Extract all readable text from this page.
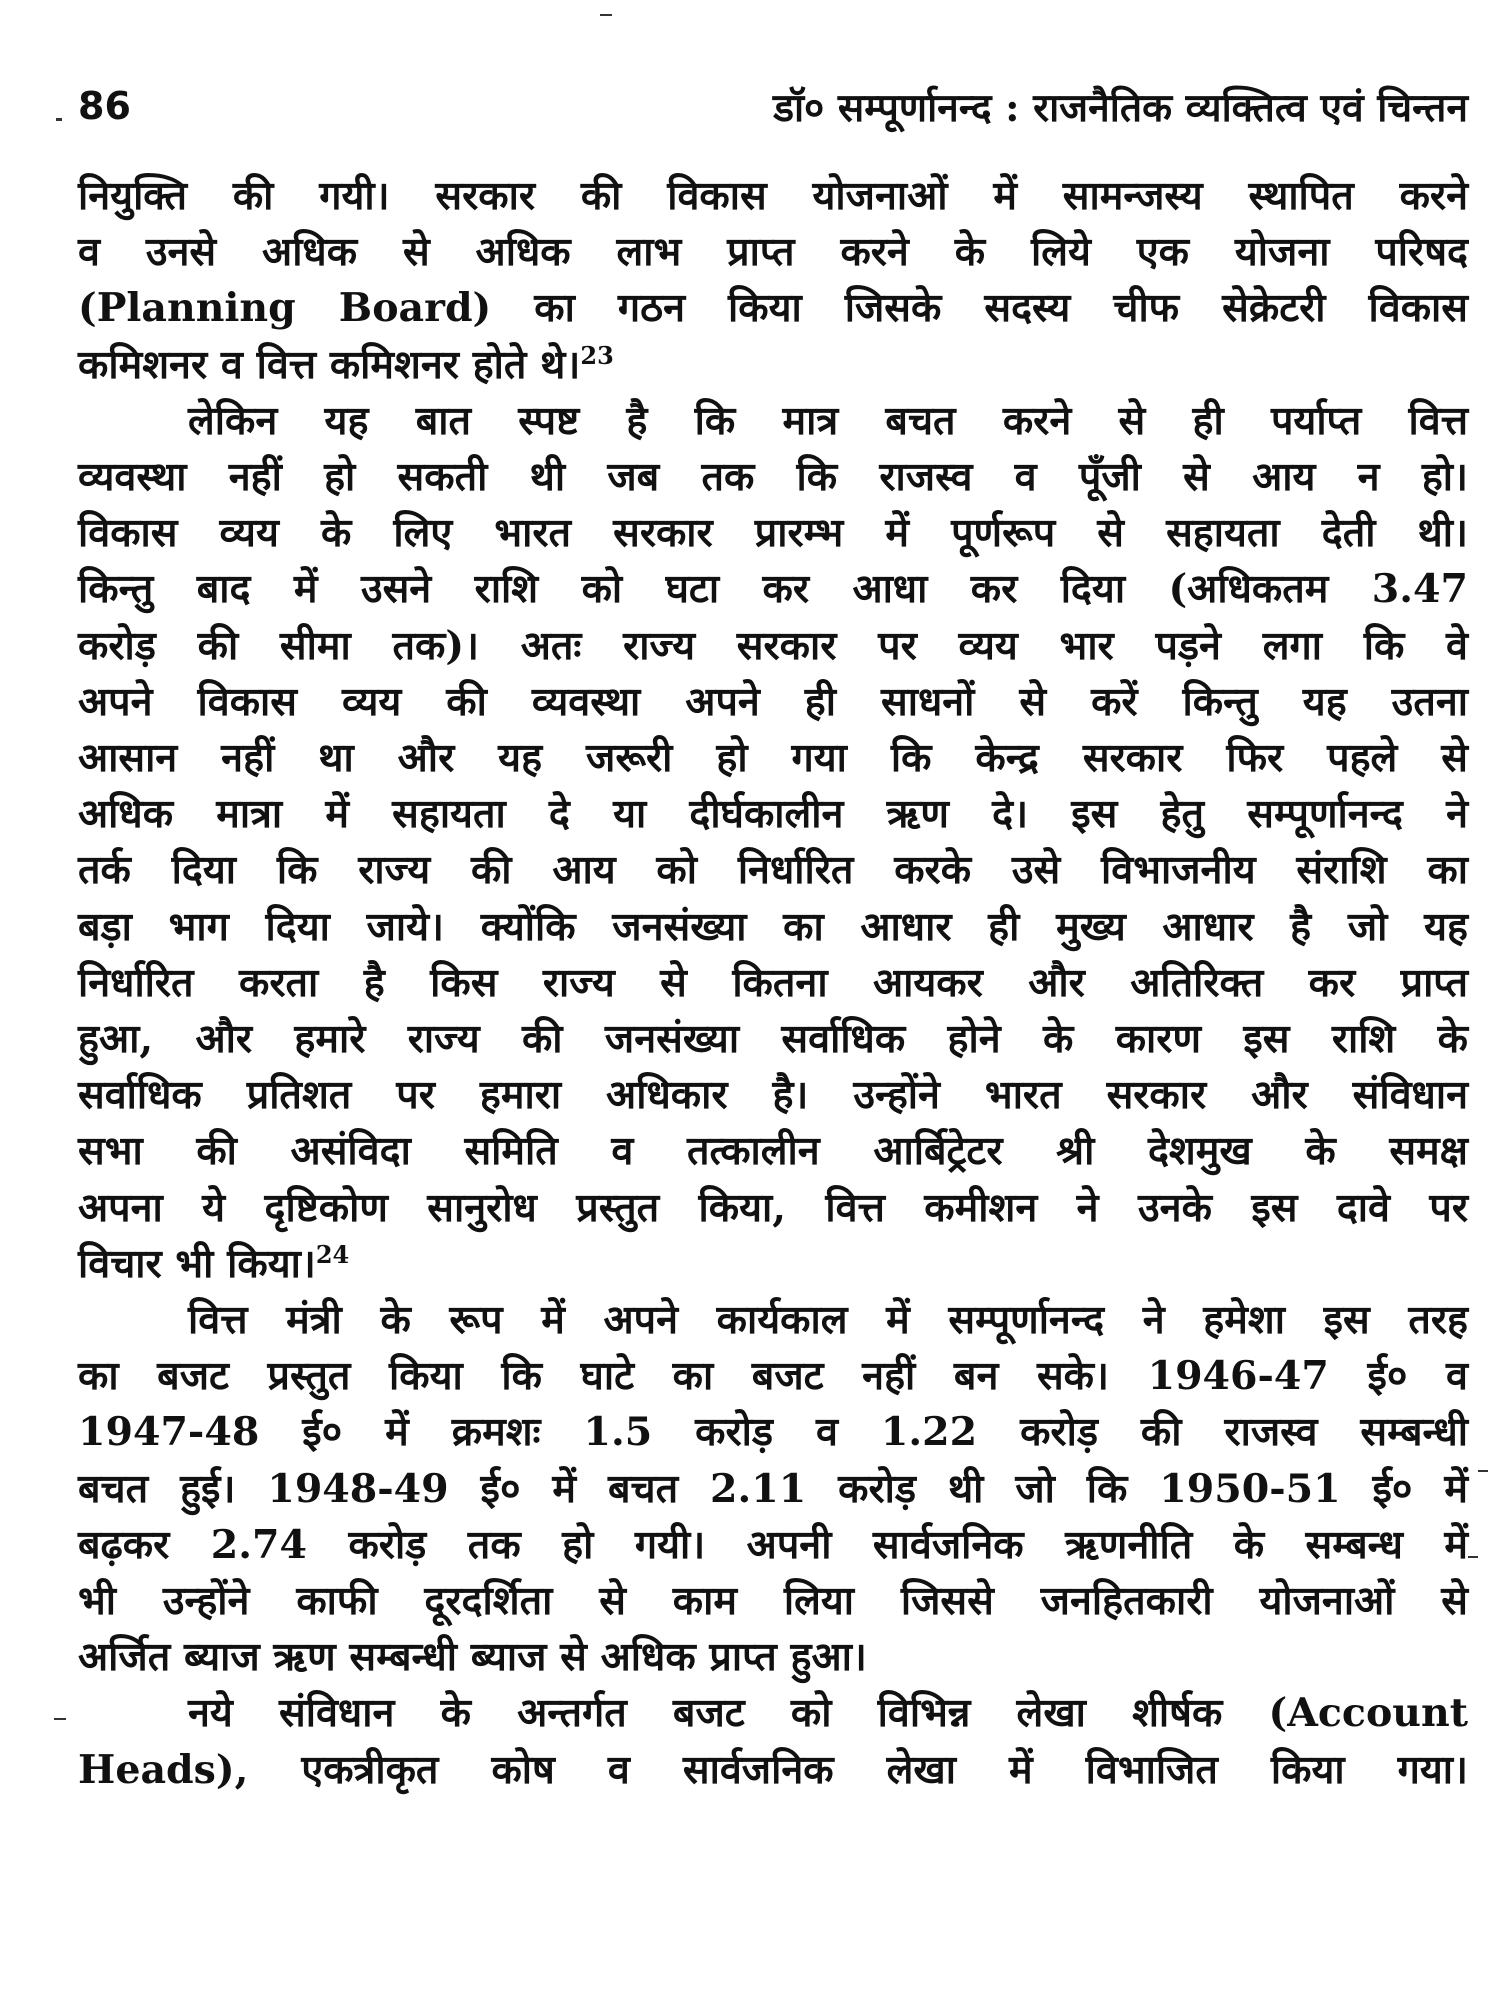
86	डॉ० सम्पूर्णानन्द : राजनैतिक व्यक्तित्व एवं चिन्तन

नियुक्ति की गयी। सरकार की विकास योजनाओं में सामन्जस्य स्थापित करने
व उनसे अधिक से अधिक लाभ प्राप्त करने के लिये एक योजना परिषद
(Planning Board) का गठन किया जिसके सदस्य चीफ सेक्रेटरी विकास
कमिशनर व वित्त कमिशनर होते थे।$^{23}$

लेकिन यह बात स्पष्ट है कि मात्र बचत करने से ही पर्याप्त वित्त
व्यवस्था नहीं हो सकती थी जब तक कि राजस्व व पूँजी से आय न हो।
विकास व्यय के लिए भारत सरकार प्रारम्भ में पूर्णरूप से सहायता देती थी।
किन्तु बाद में उसने राशि को घटा कर आधा कर दिया (अधिकतम 3.47
करोड़ की सीमा तक)। अतः राज्य सरकार पर व्यय भार पड़ने लगा कि वे
अपने विकास व्यय की व्यवस्था अपने ही साधनों से करें किन्तु यह उतना
आसान नहीं था और यह जरूरी हो गया कि केन्द्र सरकार फिर पहले से
अधिक मात्रा में सहायता दे या दीर्घकालीन ऋण दे। इस हेतु सम्पूर्णानन्द ने
तर्क दिया कि राज्य की आय को निर्धारित करके उसे विभाजनीय संराशि का
बड़ा भाग दिया जाये। क्योंकि जनसंख्या का आधार ही मुख्य आधार है जो यह
निर्धारित करता है किस राज्य से कितना आयकर और अतिरिक्त कर प्राप्त
हुआ, और हमारे राज्य की जनसंख्या सर्वाधिक होने के कारण इस राशि के
सर्वाधिक प्रतिशत पर हमारा अधिकार है। उन्होंने भारत सरकार और संविधान
सभा की असंविदा समिति व तत्कालीन आर्बिट्रेटर श्री देशमुख के समक्ष
अपना ये दृष्टिकोण सानुरोध प्रस्तुत किया, वित्त कमीशन ने उनके इस दावे पर
विचार भी किया।$^{24}$

वित्त मंत्री के रूप में अपने कार्यकाल में सम्पूर्णानन्द ने हमेशा इस तरह
का बजट प्रस्तुत किया कि घाटे का बजट नहीं बन सके। 1946-47 ई० व
1947-48 ई० में क्रमशः 1.5 करोड़ व 1.22 करोड़ की राजस्व सम्बन्धी
बचत हुई। 1948-49 ई० में बचत 2.11 करोड़ थी जो कि 1950-51 ई० में
बढ़कर 2.74 करोड़ तक हो गयी। अपनी सार्वजनिक ऋणनीति के सम्बन्ध में
भी उन्होंने काफी दूरदर्शिता से काम लिया जिससे जनहितकारी योजनाओं से
अर्जित ब्याज ऋण सम्बन्धी ब्याज से अधिक प्राप्त हुआ।

नये संविधान के अन्तर्गत बजट को विभिन्न लेखा शीर्षक (Account
Heads), एकत्रीकृत कोष व सार्वजनिक लेखा में विभाजित किया गया।
